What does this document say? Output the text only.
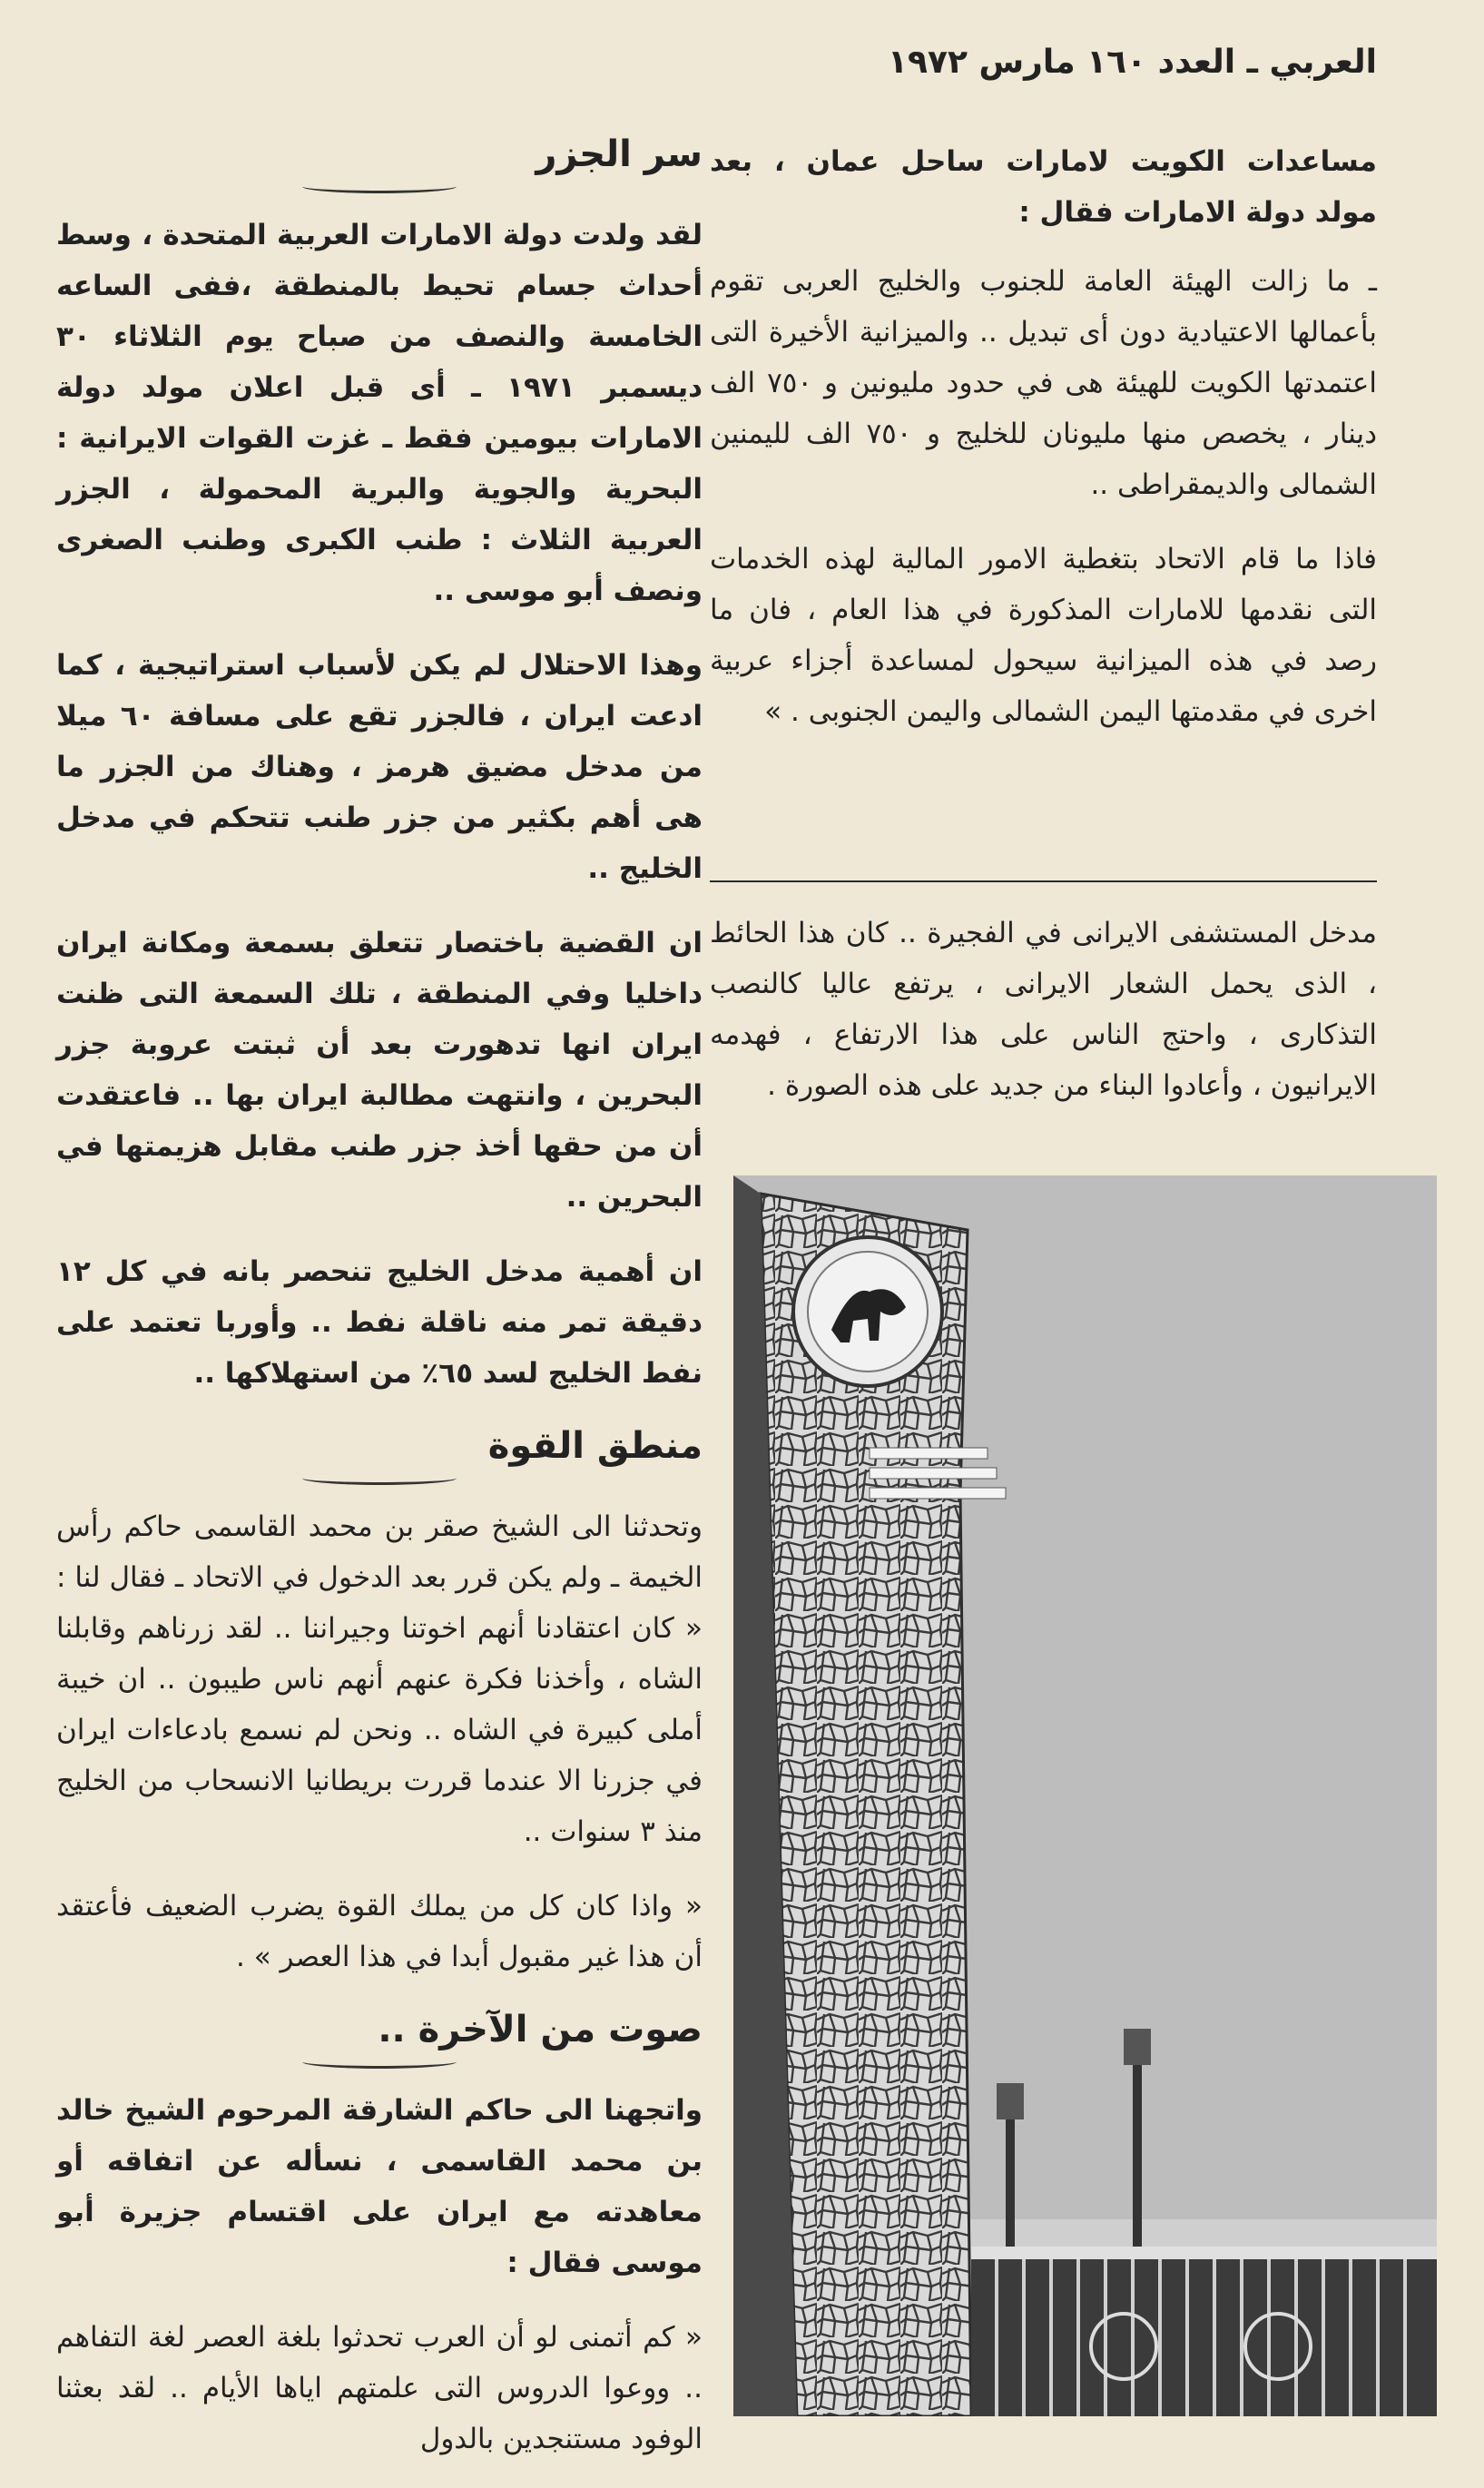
العربي ـ العدد ١٦٠ مارس ١٩٧٢

مساعدات الكويت لامارات ساحل عمان ، بعد مولد دولة الامارات فقال :

ـ ما زالت الهيئة العامة للجنوب والخليج العربى تقوم بأعمالها الاعتيادية دون أى تبديل .. والميزانية الأخيرة التى اعتمدتها الكويت للهيئة هى في حدود مليونين و ٧٥٠ الف دينار ، يخصص منها مليونان للخليج و ٧٥٠ الف لليمنين الشمالى والديمقراطى ..

فاذا ما قام الاتحاد بتغطية الامور المالية لهذه الخدمات التى نقدمها للامارات المذكورة في هذا العام ، فان ما رصد في هذه الميزانية سيحول لمساعدة أجزاء عربية اخرى في مقدمتها اليمن الشمالى واليمن الجنوبى . »

مدخل المستشفى الايرانى في الفجيرة .. كان هذا الحائط ، الذى يحمل الشعار الايرانى ، يرتفع عاليا كالنصب التذكارى ، واحتج الناس على هذا الارتفاع ، فهدمه الايرانيون ، وأعادوا البناء من جديد على هذه الصورة .

سر الجزر

لقد ولدت دولة الامارات العربية المتحدة ، وسط أحداث جسام تحيط بالمنطقة ،ففى الساعه الخامسة والنصف من صباح يوم الثلاثاء ٣٠ ديسمبر ١٩٧١ ـ أى قبل اعلان مولد دولة الامارات بيومين فقط ـ غزت القوات الايرانية : البحرية والجوية والبرية المحمولة ، الجزر العربية الثلاث : طنب الكبرى وطنب الصغرى ونصف أبو موسى ..

وهذا الاحتلال لم يكن لأسباب استراتيجية ، كما ادعت ايران ، فالجزر تقع على مسافة ٦٠ ميلا من مدخل مضيق هرمز ، وهناك من الجزر ما هى أهم بكثير من جزر طنب تتحكم في مدخل الخليج ..

ان القضية باختصار تتعلق بسمعة ومكانة ايران داخليا وفي المنطقة ، تلك السمعة التى ظنت ايران انها تدهورت بعد أن ثبتت عروبة جزر البحرين ، وانتهت مطالبة ايران بها .. فاعتقدت أن من حقها أخذ جزر طنب مقابل هزيمتها في البحرين ..

ان أهمية مدخل الخليج تنحصر بانه في كل ١٢ دقيقة تمر منه ناقلة نفط .. وأوربا تعتمد على نفط الخليج لسد ٦٥٪ من استهلاكها ..

منطق القوة

وتحدثنا الى الشيخ صقر بن محمد القاسمى حاكم رأس الخيمة ـ ولم يكن قرر بعد الدخول في الاتحاد ـ فقال لنا : « كان اعتقادنا أنهم اخوتنا وجيراننا .. لقد زرناهم وقابلنا الشاه ، وأخذنا فكرة عنهم أنهم ناس طيبون .. ان خيبة أملى كبيرة في الشاه .. ونحن لم نسمع بادعاءات ايران في جزرنا الا عندما قررت بريطانيا الانسحاب من الخليج منذ ٣ سنوات ..

« واذا كان كل من يملك القوة يضرب الضعيف فأعتقد أن هذا غير مقبول أبدا في هذا العصر » .

صوت من الآخرة ..

واتجهنا الى حاكم الشارقة المرحوم الشيخ خالد بن محمد القاسمى ، نسأله عن اتفاقه أو معاهدته مع ايران على اقتسام جزيرة أبو موسى فقال :

« كم أتمنى لو أن العرب تحدثوا بلغة العصر لغة التفاهم .. ووعوا الدروس التى علمتهم اياها الأيام .. لقد بعثنا الوفود مستنجدين بالدول
